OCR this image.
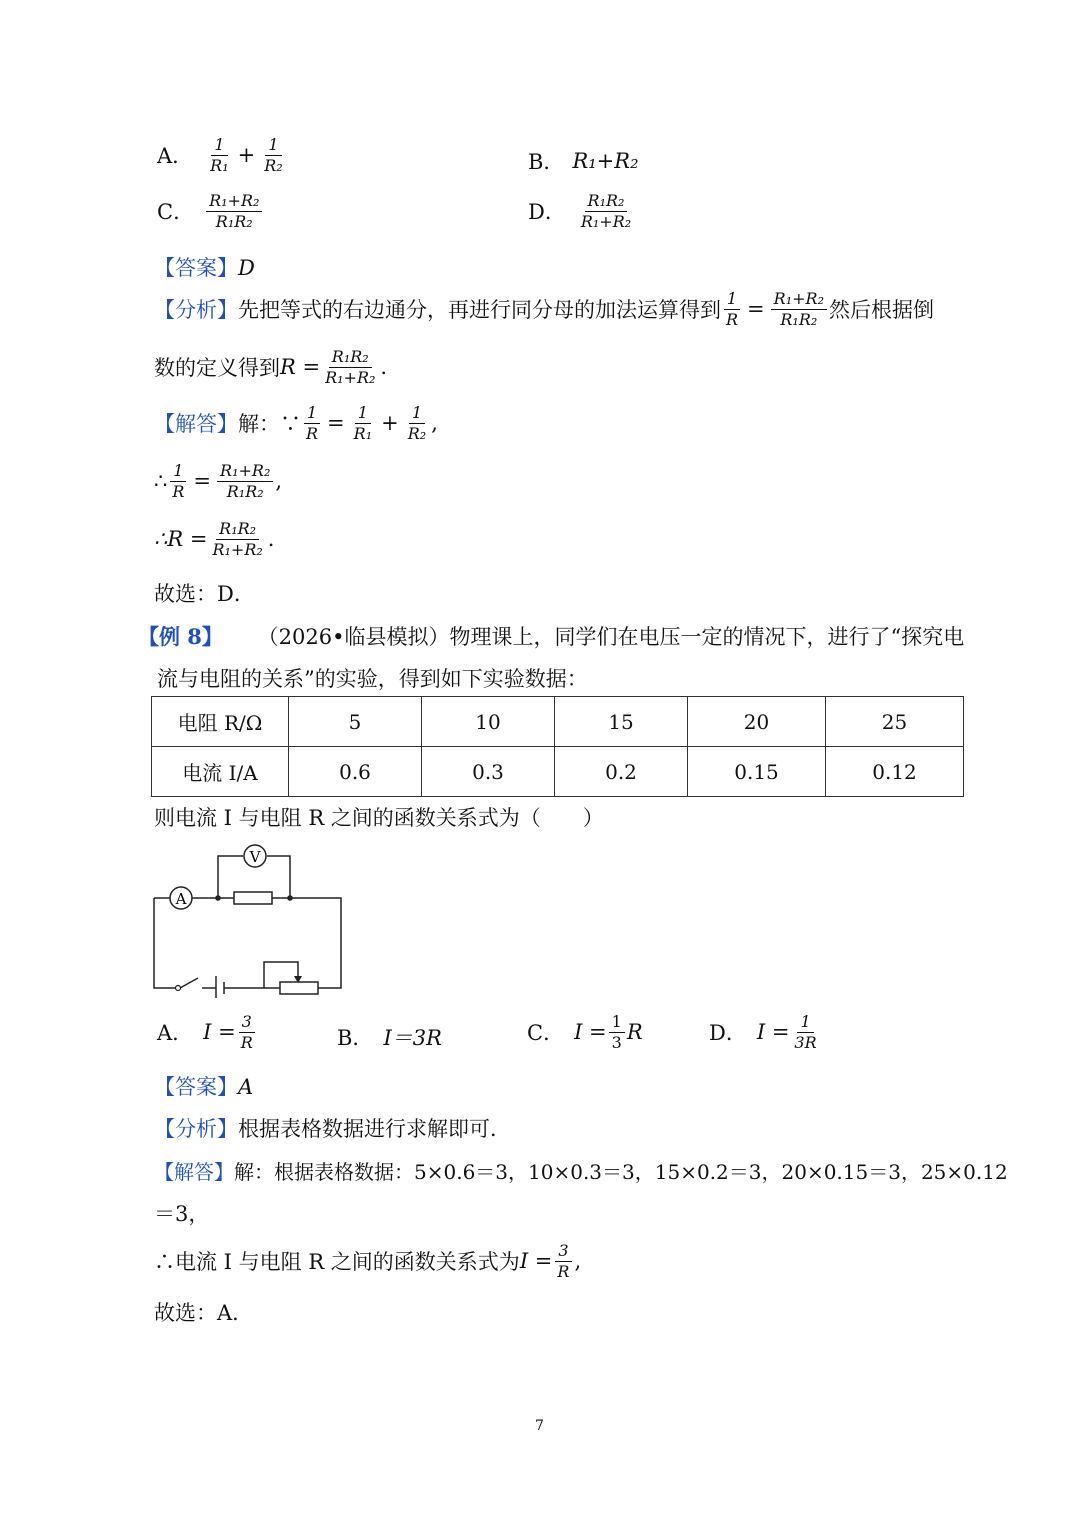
A． $\frac{1}{\text{R₁}} + \frac{1}{\text{R₂}}$	B． R₁+R₂
C． $\frac{\text{R₁+R₂}}{\text{R₁R₂}}$	D． $\frac{\text{R₁R₂}}{\text{R₁+R₂}}$
【答案】D
【分析】 先把等式的右边通分，再进行同分母的加法运算得到 $\frac{1}{R} = \frac{\text{R₁+R₂}}{\text{R₁R₂}}$ 然后根据倒
数的定义得到 $R = \frac{\text{R₁R₂}}{\text{R₁+R₂}}$ .
【解答】 解：∵ $\frac{1}{R} = \frac{1}{\text{R₁}} + \frac{1}{\text{R₂}}$ ,
∴ $\frac{1}{R} = \frac{\text{R₁+R₂}}{\text{R₁R₂}}$ ,
∴R = $\frac{\text{R₁R₂}}{\text{R₁+R₂}}$ .
故选：D．
【例 8】 （2026•临县模拟）物理课上，同学们在电压一定的情况下，进行了“探究电
流与电阻的关系”的实验，得到如下实验数据：
电阻 R/Ω	5	10	15	20	25
电流 I/A	0.6	0.3	0.2	0.15	0.12
则电流 I 与电阻 R 之间的函数关系式为（　　）
A
V
A． $I = \frac{3}{R}$	B． I＝3R	C． $I = \frac{1}{3}$ R	D． $I = \frac{1}{3R}$
【答案】A
【分析】根据表格数据进行求解即可．
【解答】解：根据表格数据：5×0.6＝3，10×0.3＝3，15×0.2＝3，20×0.15＝3，25×0.12
＝3，
∴电流 I 与电阻 R 之间的函数关系式为 $I = \frac{3}{R}$ ,
故选：A．
7
